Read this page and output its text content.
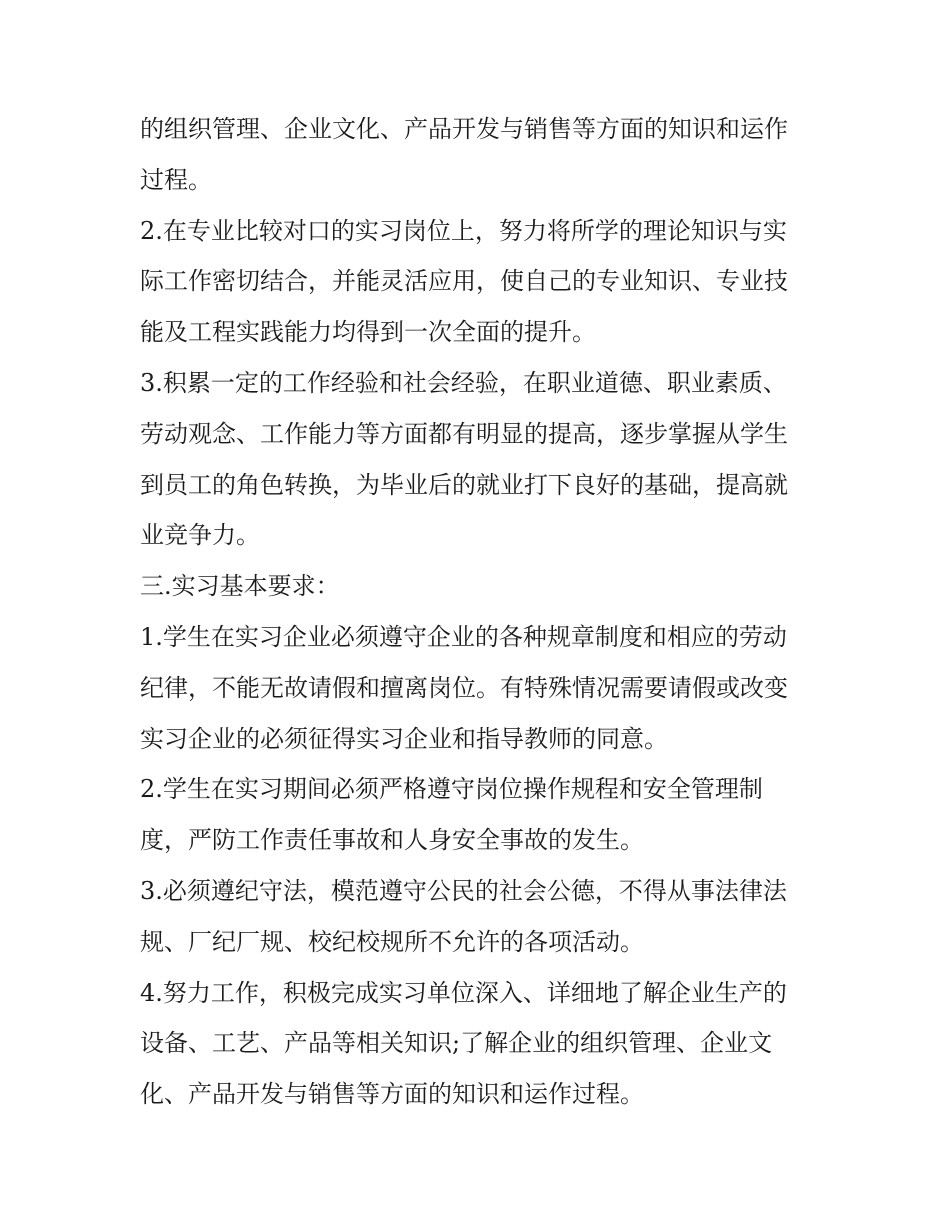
的组织管理、企业文化、产品开发与销售等方面的知识和运作
过程。
2.在专业比较对口的实习岗位上，努力将所学的理论知识与实
际工作密切结合，并能灵活应用，使自己的专业知识、专业技
能及工程实践能力均得到一次全面的提升。
3.积累一定的工作经验和社会经验，在职业道德、职业素质、
劳动观念、工作能力等方面都有明显的提高，逐步掌握从学生
到员工的角色转换，为毕业后的就业打下良好的基础，提高就
业竞争力。
三.实习基本要求：
1.学生在实习企业必须遵守企业的各种规章制度和相应的劳动
纪律，不能无故请假和擅离岗位。有特殊情况需要请假或改变
实习企业的必须征得实习企业和指导教师的同意。
2.学生在实习期间必须严格遵守岗位操作规程和安全管理制
度，严防工作责任事故和人身安全事故的发生。
3.必须遵纪守法，模范遵守公民的社会公德，不得从事法律法
规、厂纪厂规、校纪校规所不允许的各项活动。
4.努力工作，积极完成实习单位深入、详细地了解企业生产的
设备、工艺、产品等相关知识;了解企业的组织管理、企业文
化、产品开发与销售等方面的知识和运作过程。
